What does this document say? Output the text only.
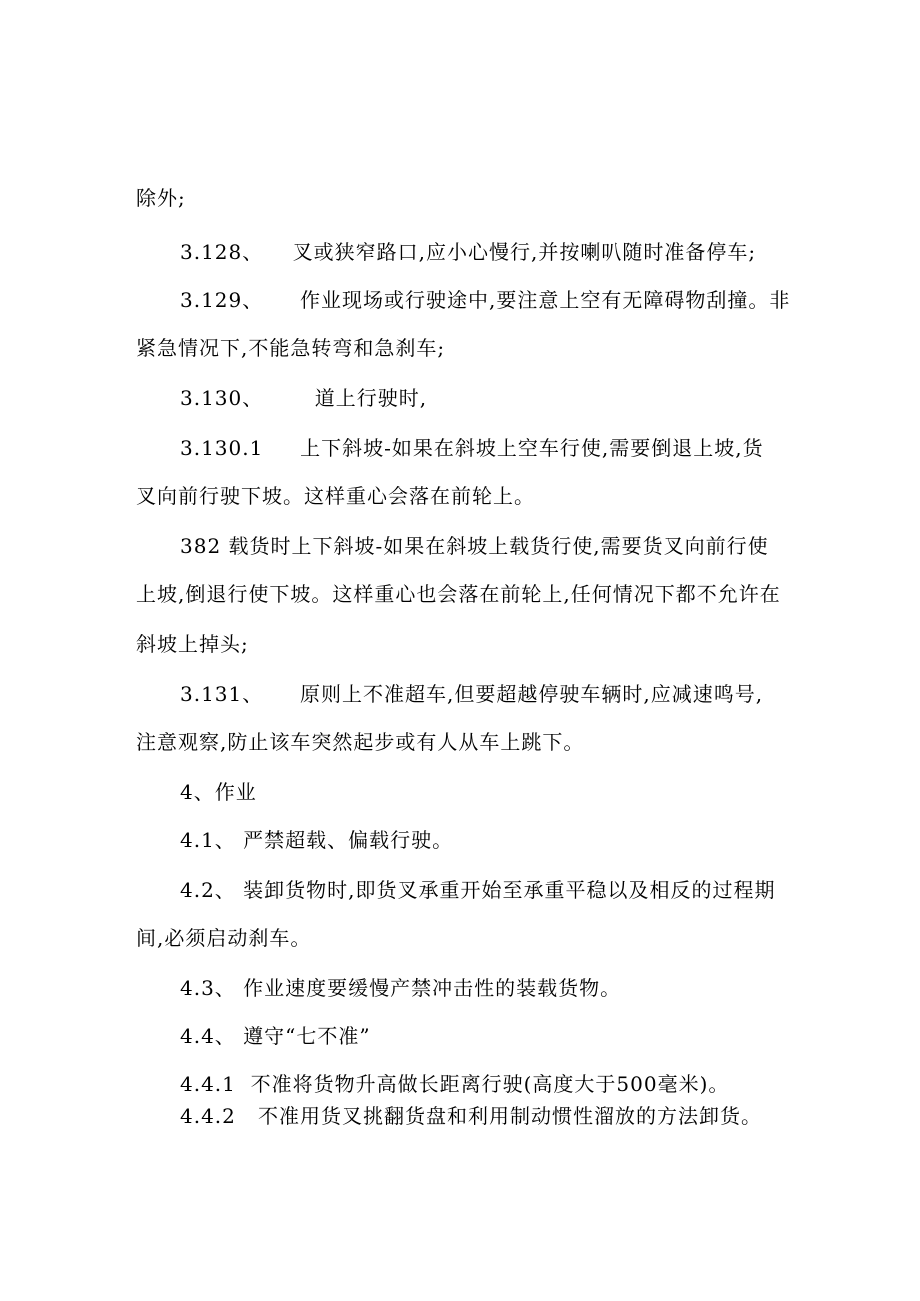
除外;
3.128、    叉或狭窄路口,应小心慢行,并按喇叭随时准备停车;
3.129、     作业现场或行驶途中,要注意上空有无障碍物刮撞。非
紧急情况下,不能急转弯和急刹车;
3.130、       道上行驶时,
3.130.1     上下斜坡-如果在斜坡上空车行使,需要倒退上坡,货
叉向前行驶下坡。这样重心会落在前轮上。
382 载货时上下斜坡-如果在斜坡上载货行使,需要货叉向前行使
上坡,倒退行使下坡。这样重心也会落在前轮上,任何情况下都不允许在
斜坡上掉头;
3.131、     原则上不准超车,但要超越停驶车辆时,应减速鸣号,
注意观察,防止该车突然起步或有人从车上跳下。
4、作业
4.1、 严禁超载、偏载行驶。
4.2、 装卸货物时,即货叉承重开始至承重平稳以及相反的过程期
间,必须启动刹车。
4.3、 作业速度要缓慢产禁冲击性的装载货物。
4.4、 遵守“七不准”
4.4.1  不准将货物升高做长距离行驶(高度大于500毫米)。
4.4.2   不准用货叉挑翻货盘和利用制动惯性溜放的方法卸货。
